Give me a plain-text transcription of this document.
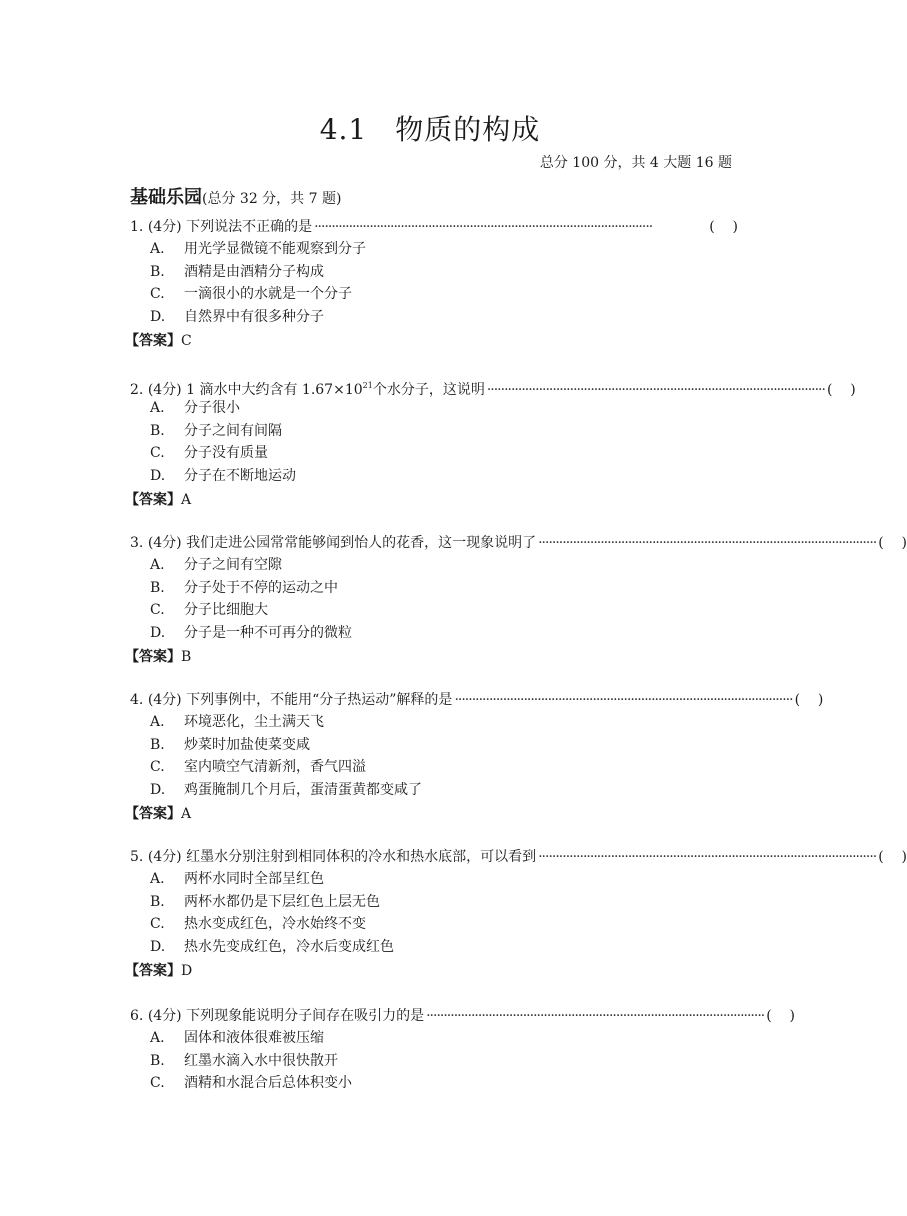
4.1 物质的构成
总分 100 分，共 4 大题 16 题
基础乐园(总分 32 分，共 7 题)
1. (4分) 下列说法不正确的是 ··································································································	(    )
A. 用光学显微镜不能观察到分子
B. 酒精是由酒精分子构成
C. 一滴很小的水就是一个分子
D. 自然界中有很多种分子
【答案】C
2. (4分) 1 滴水中大约含有 $1.67\times 10^{21}$个水分子，这说明 ·································································································· (    )
A. 分子很小
B. 分子之间有间隔
C. 分子没有质量
D. 分子在不断地运动
【答案】A
3. (4分) 我们走进公园常常能够闻到怡人的花香，这一现象说明了 ·································································································· (    )
A. 分子之间有空隙
B. 分子处于不停的运动之中
C. 分子比细胞大
D. 分子是一种不可再分的微粒
【答案】B
4. (4分) 下列事例中，不能用“分子热运动”解释的是 ·································································································· (    )
A. 环境恶化，尘土满天飞
B. 炒菜时加盐使菜变咸
C. 室内喷空气清新剂，香气四溢
D. 鸡蛋腌制几个月后，蛋清蛋黄都变咸了
【答案】A
5. (4分) 红墨水分别注射到相同体积的冷水和热水底部，可以看到 ·································································································· (    )
A. 两杯水同时全部呈红色
B. 两杯水都仍是下层红色上层无色
C. 热水变成红色，冷水始终不变
D. 热水先变成红色，冷水后变成红色
【答案】D
6. (4分) 下列现象能说明分子间存在吸引力的是 ·································································································· (    )
A. 固体和液体很难被压缩
B. 红墨水滴入水中很快散开
C. 酒精和水混合后总体积变小
